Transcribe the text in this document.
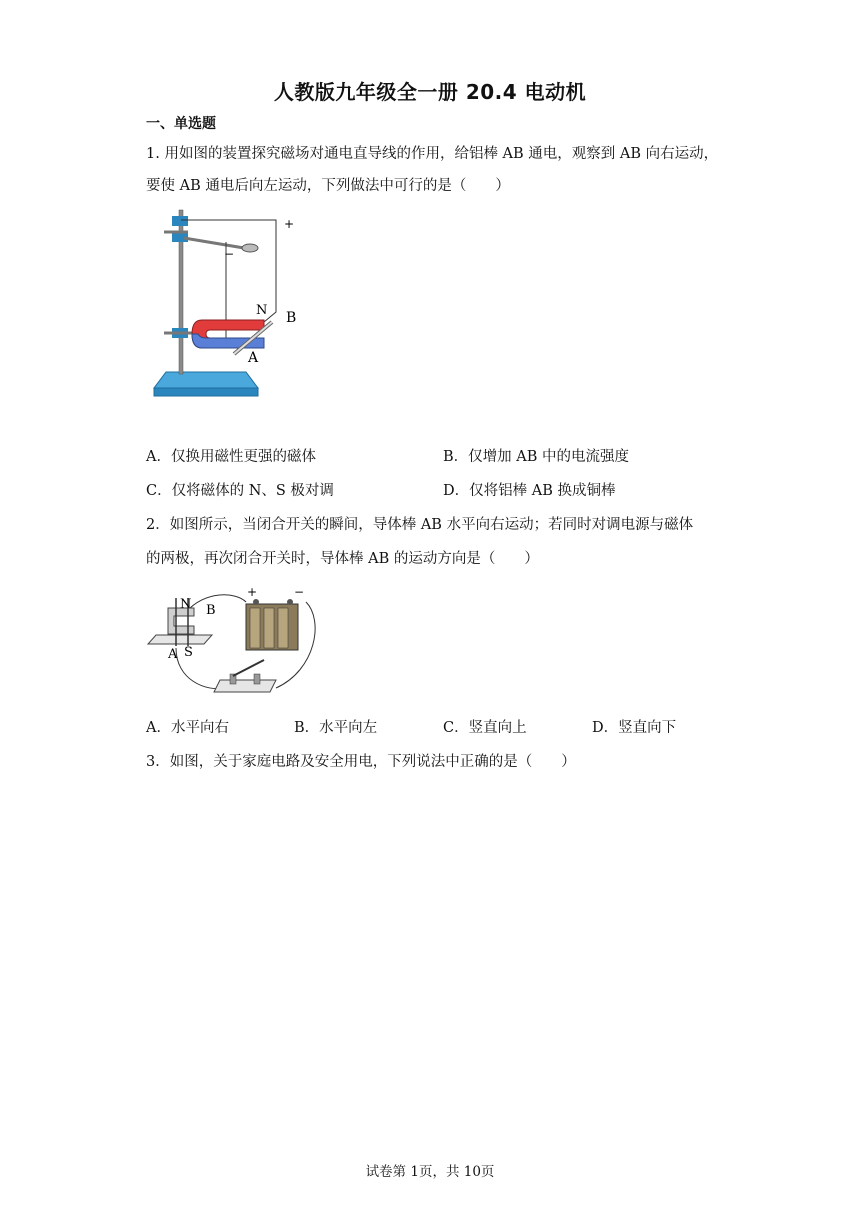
人教版九年级全一册 20.4 电动机
一、单选题
1. 用如图的装置探究磁场对通电直导线的作用，给铝棒 AB 通电，观察到 AB 向右运动，
要使 AB 通电后向左运动，下列做法中可行的是（　　）
+
−
N B
A
A．仅换用磁性更强的磁体	B．仅增加 AB 中的电流强度
C．仅将磁体的 N、S 极对调	D．仅将铝棒 AB 换成铜棒
2．如图所示，当闭合开关的瞬间，导体棒 AB 水平向右运动；若同时对调电源与磁体
的两极，再次闭合开关时，导体棒 AB 的运动方向是（　　）
N B
A S
+	−
A．水平向右	B．水平向左	C．竖直向上	D．竖直向下
3．如图，关于家庭电路及安全用电，下列说法中正确的是（　　）
试卷第 1页，共 10页
